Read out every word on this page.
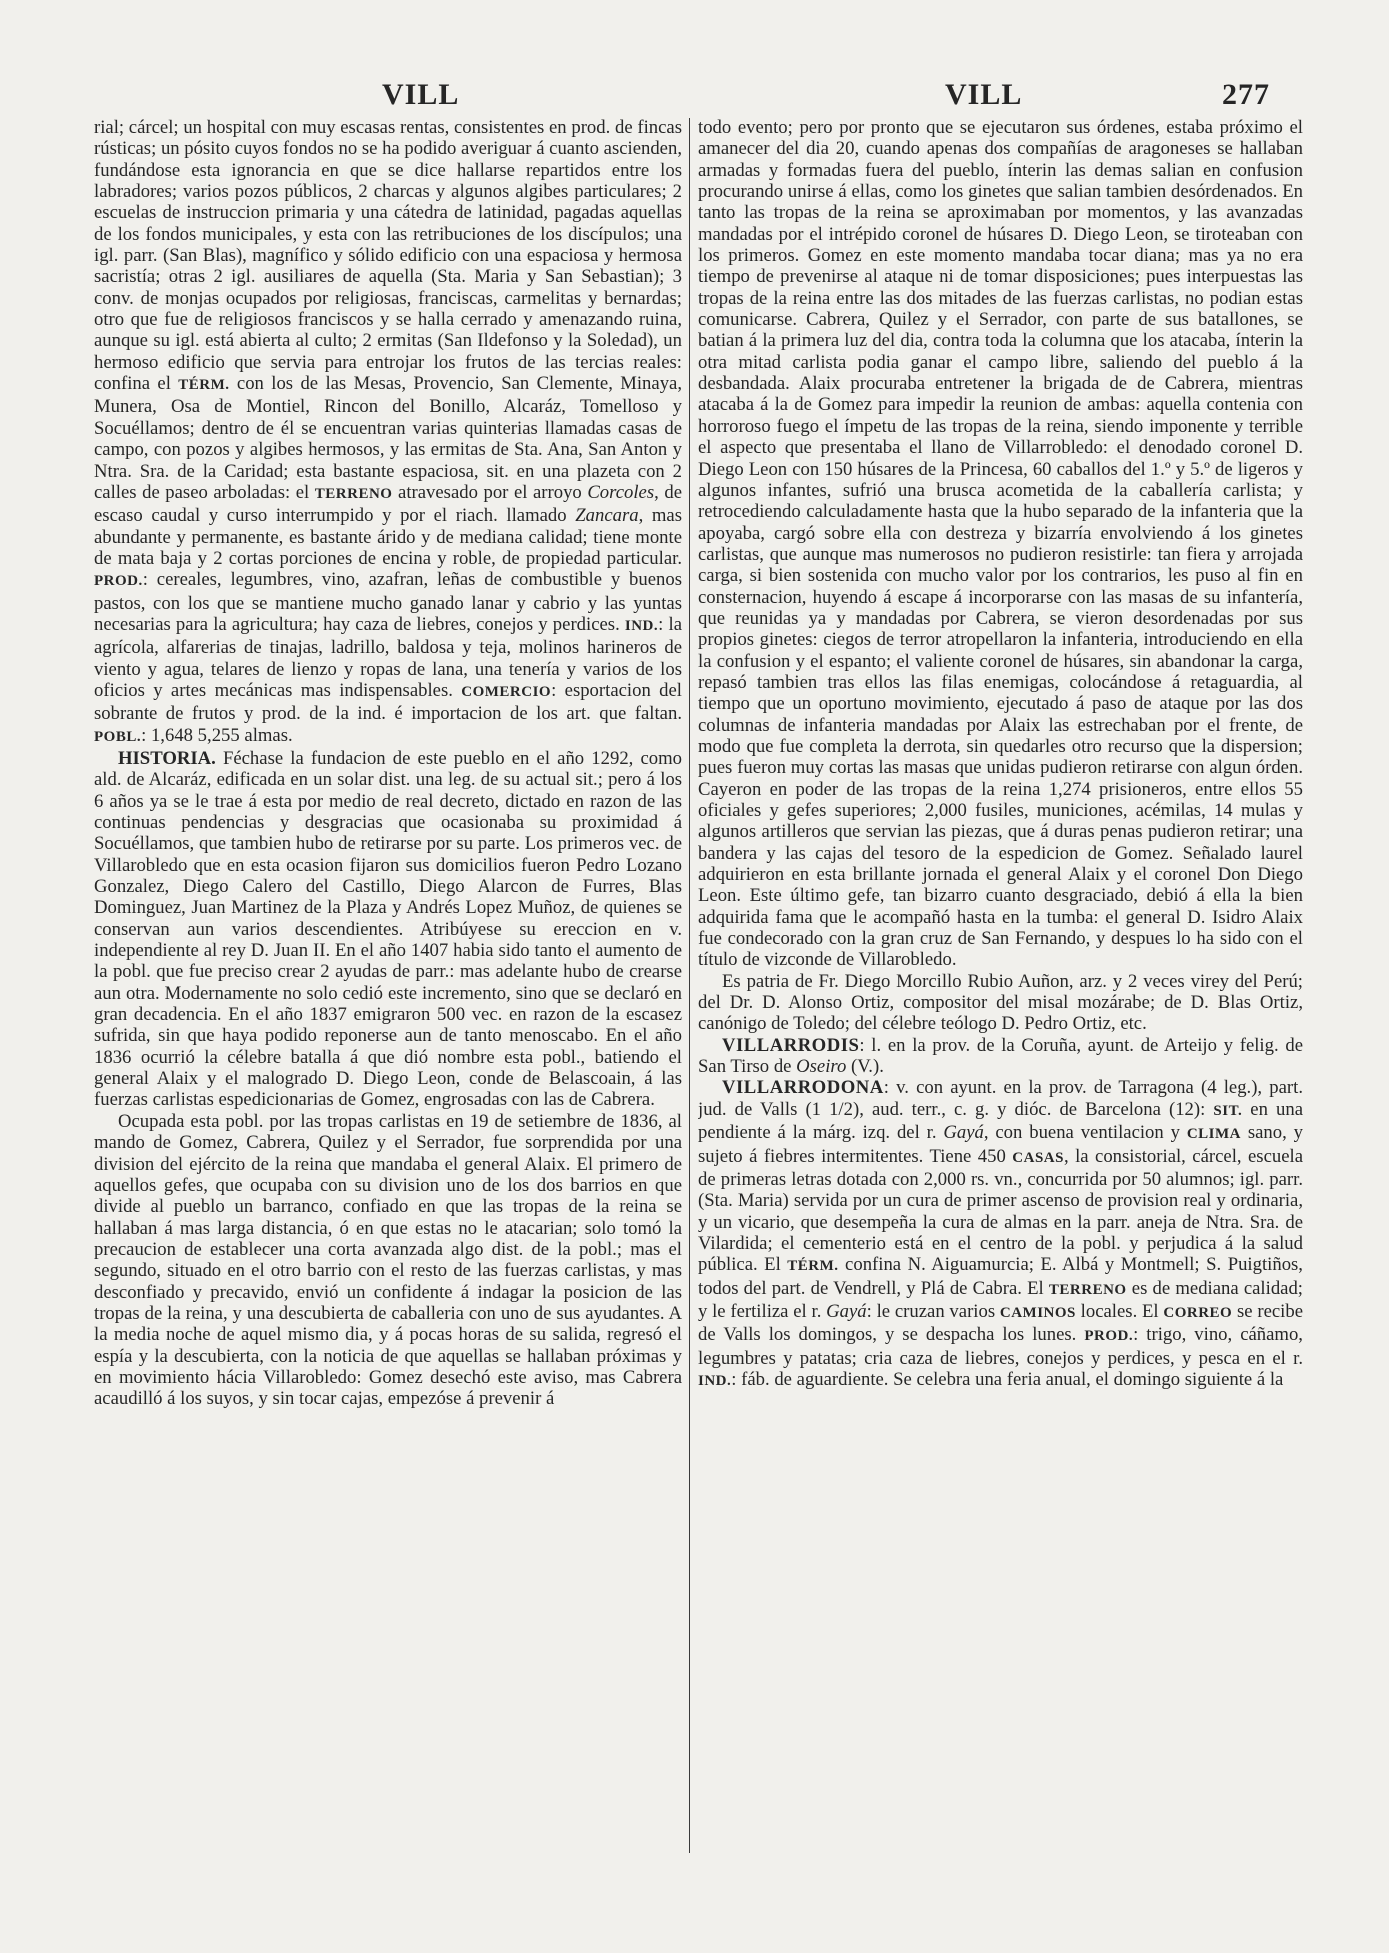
VILL	VILL	277

rial; cárcel; un hospital con muy escasas rentas, consistentes en prod. de fincas rústicas; un pósito cuyos fondos no se ha podido averiguar á cuanto ascienden, fundándose esta ignorancia en que se dice hallarse repartidos entre los labradores; varios pozos públicos, 2 charcas y algunos algibes particulares; 2 escuelas de instruccion primaria y una cátedra de latinidad, pagadas aquellas de los fondos municipales, y esta con las retribuciones de los discípulos; una igl. parr. (San Blas), magnífico y sólido edificio con una espaciosa y hermosa sacristía; otras 2 igl. ausiliares de aquella (Sta. Maria y San Sebastian); 3 conv. de monjas ocupados por religiosas, franciscas, carmelitas y bernardas; otro que fue de religiosos franciscos y se halla cerrado y amenazando ruina, aunque su igl. está abierta al culto; 2 ermitas (San Ildefonso y la Soledad), un hermoso edificio que servia para entrojar los frutos de las tercias reales: confina el TÉRM. con los de las Mesas, Provencio, San Clemente, Minaya, Munera, Osa de Montiel, Rincon del Bonillo, Alcaráz, Tomelloso y Socuéllamos; dentro de él se encuentran varias quinterias llamadas casas de campo, con pozos y algibes hermosos, y las ermitas de Sta. Ana, San Anton y Ntra. Sra. de la Caridad; esta bastante espaciosa, sit. en una plazeta con 2 calles de paseo arboladas: el TERRENO atravesado por el arroyo Corcoles, de escaso caudal y curso interrumpido y por el riach. llamado Zancara, mas abundante y permanente, es bastante árido y de mediana calidad; tiene monte de mata baja y 2 cortas porciones de encina y roble, de propiedad particular. PROD.: cereales, legumbres, vino, azafran, leñas de combustible y buenos pastos, con los que se mantiene mucho ganado lanar y cabrio y las yuntas necesarias para la agricultura; hay caza de liebres, conejos y perdices. IND.: la agrícola, alfarerias de tinajas, ladrillo, baldosa y teja, molinos harineros de viento y agua, telares de lienzo y ropas de lana, una tenería y varios de los oficios y artes mecánicas mas indispensables. COMERCIO: esportacion del sobrante de frutos y prod. de la ind. é importacion de los art. que faltan. POBL.: 1,648 5,255 almas.

HISTORIA. Féchase la fundacion de este pueblo en el año 1292, como ald. de Alcaráz, edificada en un solar dist. una leg. de su actual sit.; pero á los 6 años ya se le trae á esta por medio de real decreto, dictado en razon de las continuas pendencias y desgracias que ocasionaba su proximidad á Socuéllamos, que tambien hubo de retirarse por su parte. Los primeros vec. de Villarobledo que en esta ocasion fijaron sus domicilios fueron Pedro Lozano Gonzalez, Diego Calero del Castillo, Diego Alarcon de Furres, Blas Dominguez, Juan Martinez de la Plaza y Andrés Lopez Muñoz, de quienes se conservan aun varios descendientes. Atribúyese su ereccion en v. independiente al rey D. Juan II. En el año 1407 habia sido tanto el aumento de la pobl. que fue preciso crear 2 ayudas de parr.: mas adelante hubo de crearse aun otra. Modernamente no solo cedió este incremento, sino que se declaró en gran decadencia. En el año 1837 emigraron 500 vec. en razon de la escasez sufrida, sin que haya podido reponerse aun de tanto menoscabo. En el año 1836 ocurrió la célebre batalla á que dió nombre esta pobl., batiendo el general Alaix y el malogrado D. Diego Leon, conde de Belascoain, á las fuerzas carlistas espedicionarias de Gomez, engrosadas con las de Cabrera.

Ocupada esta pobl. por las tropas carlistas en 19 de setiembre de 1836, al mando de Gomez, Cabrera, Quilez y el Serrador, fue sorprendida por una division del ejército de la reina que mandaba el general Alaix. El primero de aquellos gefes, que ocupaba con su division uno de los dos barrios en que divide al pueblo un barranco, confiado en que las tropas de la reina se hallaban á mas larga distancia, ó en que estas no le atacarian; solo tomó la precaucion de establecer una corta avanzada algo dist. de la pobl.; mas el segundo, situado en el otro barrio con el resto de las fuerzas carlistas, y mas desconfiado y precavido, envió un confidente á indagar la posicion de las tropas de la reina, y una descubierta de caballeria con uno de sus ayudantes. A la media noche de aquel mismo dia, y á pocas horas de su salida, regresó el espía y la descubierta, con la noticia de que aquellas se hallaban próximas y en movimiento hácia Villarobledo: Gomez desechó este aviso, mas Cabrera acaudilló á los suyos, y sin tocar cajas, empezóse á prevenir á

todo evento; pero por pronto que se ejecutaron sus órdenes, estaba próximo el amanecer del dia 20, cuando apenas dos compañías de aragoneses se hallaban armadas y formadas fuera del pueblo, ínterin las demas salian en confusion procurando unirse á ellas, como los ginetes que salian tambien desórdenados. En tanto las tropas de la reina se aproximaban por momentos, y las avanzadas mandadas por el intrépido coronel de húsares D. Diego Leon, se tiroteaban con los primeros. Gomez en este momento mandaba tocar diana; mas ya no era tiempo de prevenirse al ataque ni de tomar disposiciones; pues interpuestas las tropas de la reina entre las dos mitades de las fuerzas carlistas, no podian estas comunicarse. Cabrera, Quilez y el Serrador, con parte de sus batallones, se batian á la primera luz del dia, contra toda la columna que los atacaba, ínterin la otra mitad carlista podia ganar el campo libre, saliendo del pueblo á la desbandada. Alaix procuraba entretener la brigada de de Cabrera, mientras atacaba á la de Gomez para impedir la reunion de ambas: aquella contenia con horroroso fuego el ímpetu de las tropas de la reina, siendo imponente y terrible el aspecto que presentaba el llano de Villarrobledo: el denodado coronel D. Diego Leon con 150 húsares de la Princesa, 60 caballos del 1.º y 5.º de ligeros y algunos infantes, sufrió una brusca acometida de la caballería carlista; y retrocediendo calculadamente hasta que la hubo separado de la infanteria que la apoyaba, cargó sobre ella con destreza y bizarría envolviendo á los ginetes carlistas, que aunque mas numerosos no pudieron resistirle: tan fiera y arrojada carga, si bien sostenida con mucho valor por los contrarios, les puso al fin en consternacion, huyendo á escape á incorporarse con las masas de su infantería, que reunidas ya y mandadas por Cabrera, se vieron desordenadas por sus propios ginetes: ciegos de terror atropellaron la infanteria, introduciendo en ella la confusion y el espanto; el valiente coronel de húsares, sin abandonar la carga, repasó tambien tras ellos las filas enemigas, colocándose á retaguardia, al tiempo que un oportuno movimiento, ejecutado á paso de ataque por las dos columnas de infanteria mandadas por Alaix las estrechaban por el frente, de modo que fue completa la derrota, sin quedarles otro recurso que la dispersion; pues fueron muy cortas las masas que unidas pudieron retirarse con algun órden. Cayeron en poder de las tropas de la reina 1,274 prisioneros, entre ellos 55 oficiales y gefes superiores; 2,000 fusiles, municiones, acémilas, 14 mulas y algunos artilleros que servian las piezas, que á duras penas pudieron retirar; una bandera y las cajas del tesoro de la espedicion de Gomez. Señalado laurel adquirieron en esta brillante jornada el general Alaix y el coronel Don Diego Leon. Este último gefe, tan bizarro cuanto desgraciado, debió á ella la bien adquirida fama que le acompañó hasta en la tumba: el general D. Isidro Alaix fue condecorado con la gran cruz de San Fernando, y despues lo ha sido con el título de vizconde de Villarobledo.

Es patria de Fr. Diego Morcillo Rubio Auñon, arz. y 2 veces virey del Perú; del Dr. D. Alonso Ortiz, compositor del misal mozárabe; de D. Blas Ortiz, canónigo de Toledo; del célebre teólogo D. Pedro Ortiz, etc.

VILLARRODIS: l. en la prov. de la Coruña, ayunt. de Arteijo y felig. de San Tirso de Oseiro (V.).

VILLARRODONA: v. con ayunt. en la prov. de Tarragona (4 leg.), part. jud. de Valls (1 1/2), aud. terr., c. g. y dióc. de Barcelona (12): SIT. en una pendiente á la márg. izq. del r. Gayá, con buena ventilacion y CLIMA sano, y sujeto á fiebres intermitentes. Tiene 450 CASAS, la consistorial, cárcel, escuela de primeras letras dotada con 2,000 rs. vn., concurrida por 50 alumnos; igl. parr. (Sta. Maria) servida por un cura de primer ascenso de provision real y ordinaria, y un vicario, que desempeña la cura de almas en la parr. aneja de Ntra. Sra. de Vilardida; el cementerio está en el centro de la pobl. y perjudica á la salud pública. El TÉRM. confina N. Aiguamurcia; E. Albá y Montmell; S. Puigtiños, todos del part. de Vendrell, y Plá de Cabra. El TERRENO es de mediana calidad; y le fertiliza el r. Gayá: le cruzan varios CAMINOS locales. El CORREO se recibe de Valls los domingos, y se despacha los lunes. PROD.: trigo, vino, cáñamo, legumbres y patatas; cria caza de liebres, conejos y perdices, y pesca en el r. IND.: fáb. de aguardiente. Se celebra una feria anual, el domingo siguiente á la
